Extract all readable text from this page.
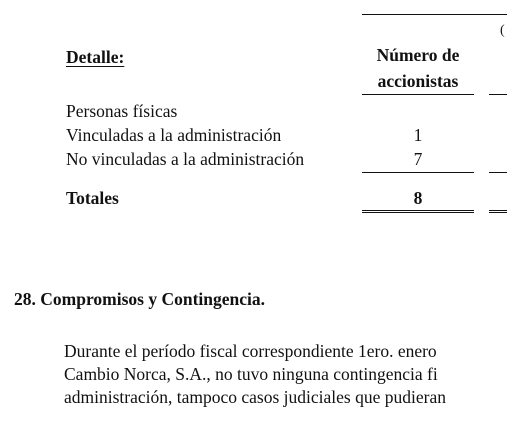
(
Detalle:	Número de
accionistas
Personas físicas
Vinculadas a la administración	1
No vinculadas a la administración	7
Totales	8
28. Compromisos y Contingencia.
Durante el período fiscal correspondiente 1ero. enero
Cambio Norca, S.A., no tuvo ninguna contingencia fi
administración, tampoco casos judiciales que pudieran
